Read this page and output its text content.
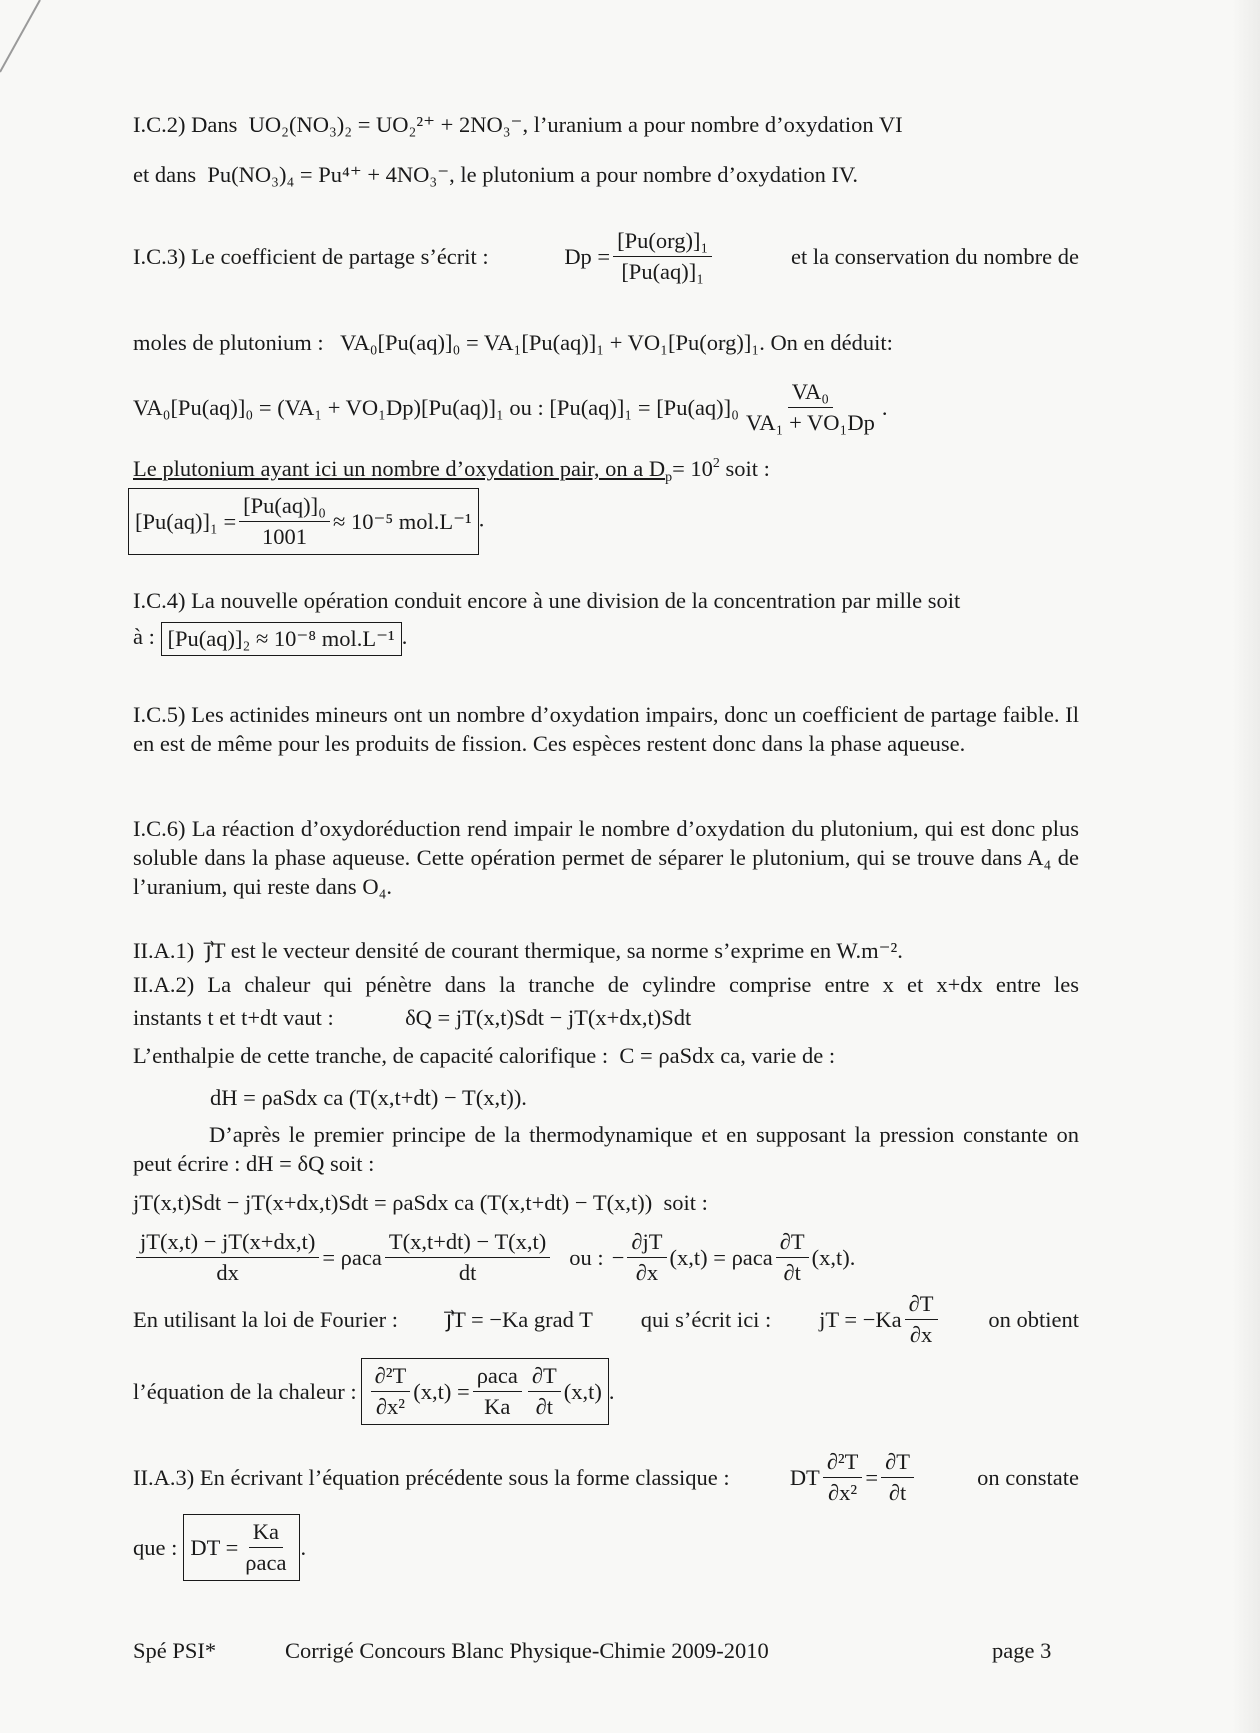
I.C.2) Dans UO₂(NO₃)₂ = UO₂²⁺ + 2NO₃⁻, l’uranium a pour nombre d’oxydation VI
et dans Pu(NO₃)₄ = Pu⁴⁺ + 4NO₃⁻, le plutonium a pour nombre d’oxydation IV.
I.C.3) Le coefficient de partage s’écrit :	$Dp = \frac{\text{[Pu(org)]₁}}{\text{[Pu(aq)]₁}}$	et la conservation du nombre de
moles de plutonium : VA₀[Pu(aq)]₀ = VA₁[Pu(aq)]₁ + VO₁[Pu(org)]₁. On en déduit:
VA₀[Pu(aq)]₀ = (VA₁ + VO₁Dp)[Pu(aq)]₁ ou : $[Pu(aq)]_1 = [Pu(aq)]_0 \frac{\text{VA₀}}{\text{VA₁ + VO₁Dp}}$ .
Le plutonium ayant ici un nombre d’oxydation pair, on a $D_p= 10^2$ soit :
$[Pu(aq)]_1 = \frac{\text{[Pu(aq)]₀}}{1001} \approx 10^{-5}$ mol.L⁻¹ .
I.C.4) La nouvelle opération conduit encore à une division de la concentration par mille soit
à : [Pu(aq)]₂ ≈ 10⁻⁸ mol.L⁻¹ .
I.C.5) Les actinides mineurs ont un nombre d’oxydation impairs, donc un coefficient de partage faible. Il en est de même pour les produits de fission. Ces espèces restent donc dans la phase aqueuse.
I.C.6) La réaction d’oxydoréduction rend impair le nombre d’oxydation du plutonium, qui est donc plus soluble dans la phase aqueuse. Cette opération permet de séparer le plutonium, qui se trouve dans A₄ de l’uranium, qui reste dans O₄.
II.A.1) j⃗T est le vecteur densité de courant thermique, sa norme s’exprime en W.m⁻².
II.A.2) La chaleur qui pénètre dans la tranche de cylindre comprise entre x et x+dx entre les
instants t et t+dt vaut :	δQ = jT(x,t)Sdt − jT(x+dx,t)Sdt
L’enthalpie de cette tranche, de capacité calorifique : C = ρaSdx ca, varie de :
dH = ρaSdx ca (T(x,t+dt) − T(x,t)).
D’après le premier principe de la thermodynamique et en supposant la pression constante on peut écrire : dH = δQ soit :
jT(x,t)Sdt − jT(x+dx,t)Sdt = ρaSdx ca (T(x,t+dt) − T(x,t)) soit :
$\frac{jT(x,t) - jT(x+dx,t)}{dx} = \rho aca \frac{T(x,t+dt) - T(x,t)}{dt}$ ou : − $\frac{\partial jT}{\partial x} (x,t) = \rho aca \frac{\partial T}{\partial t} (x,t)$.
En utilisant la loi de Fourier : j⃗T = −Ka grad T qui s’écrit ici : jT = $-Ka \frac{\partial T}{\partial x}$ on obtient
l’équation de la chaleur : $\frac{\text{∂²T}}{\text{∂x²}} (x,t) = \frac{\text{ρaca}}{Ka} \frac{\partial T}{\partial t} (x,t)$ .
II.A.3) En écrivant l’équation précédente sous la forme classique :	DT $\frac{\text{∂²T}}{\text{∂x²}} = \frac{\partial T}{\partial t}$	on constate
que : DT = $\frac{Ka}{\text{ρaca}}$ .
Spé PSI*	Corrigé Concours Blanc Physique-Chimie 2009-2010	page 3
